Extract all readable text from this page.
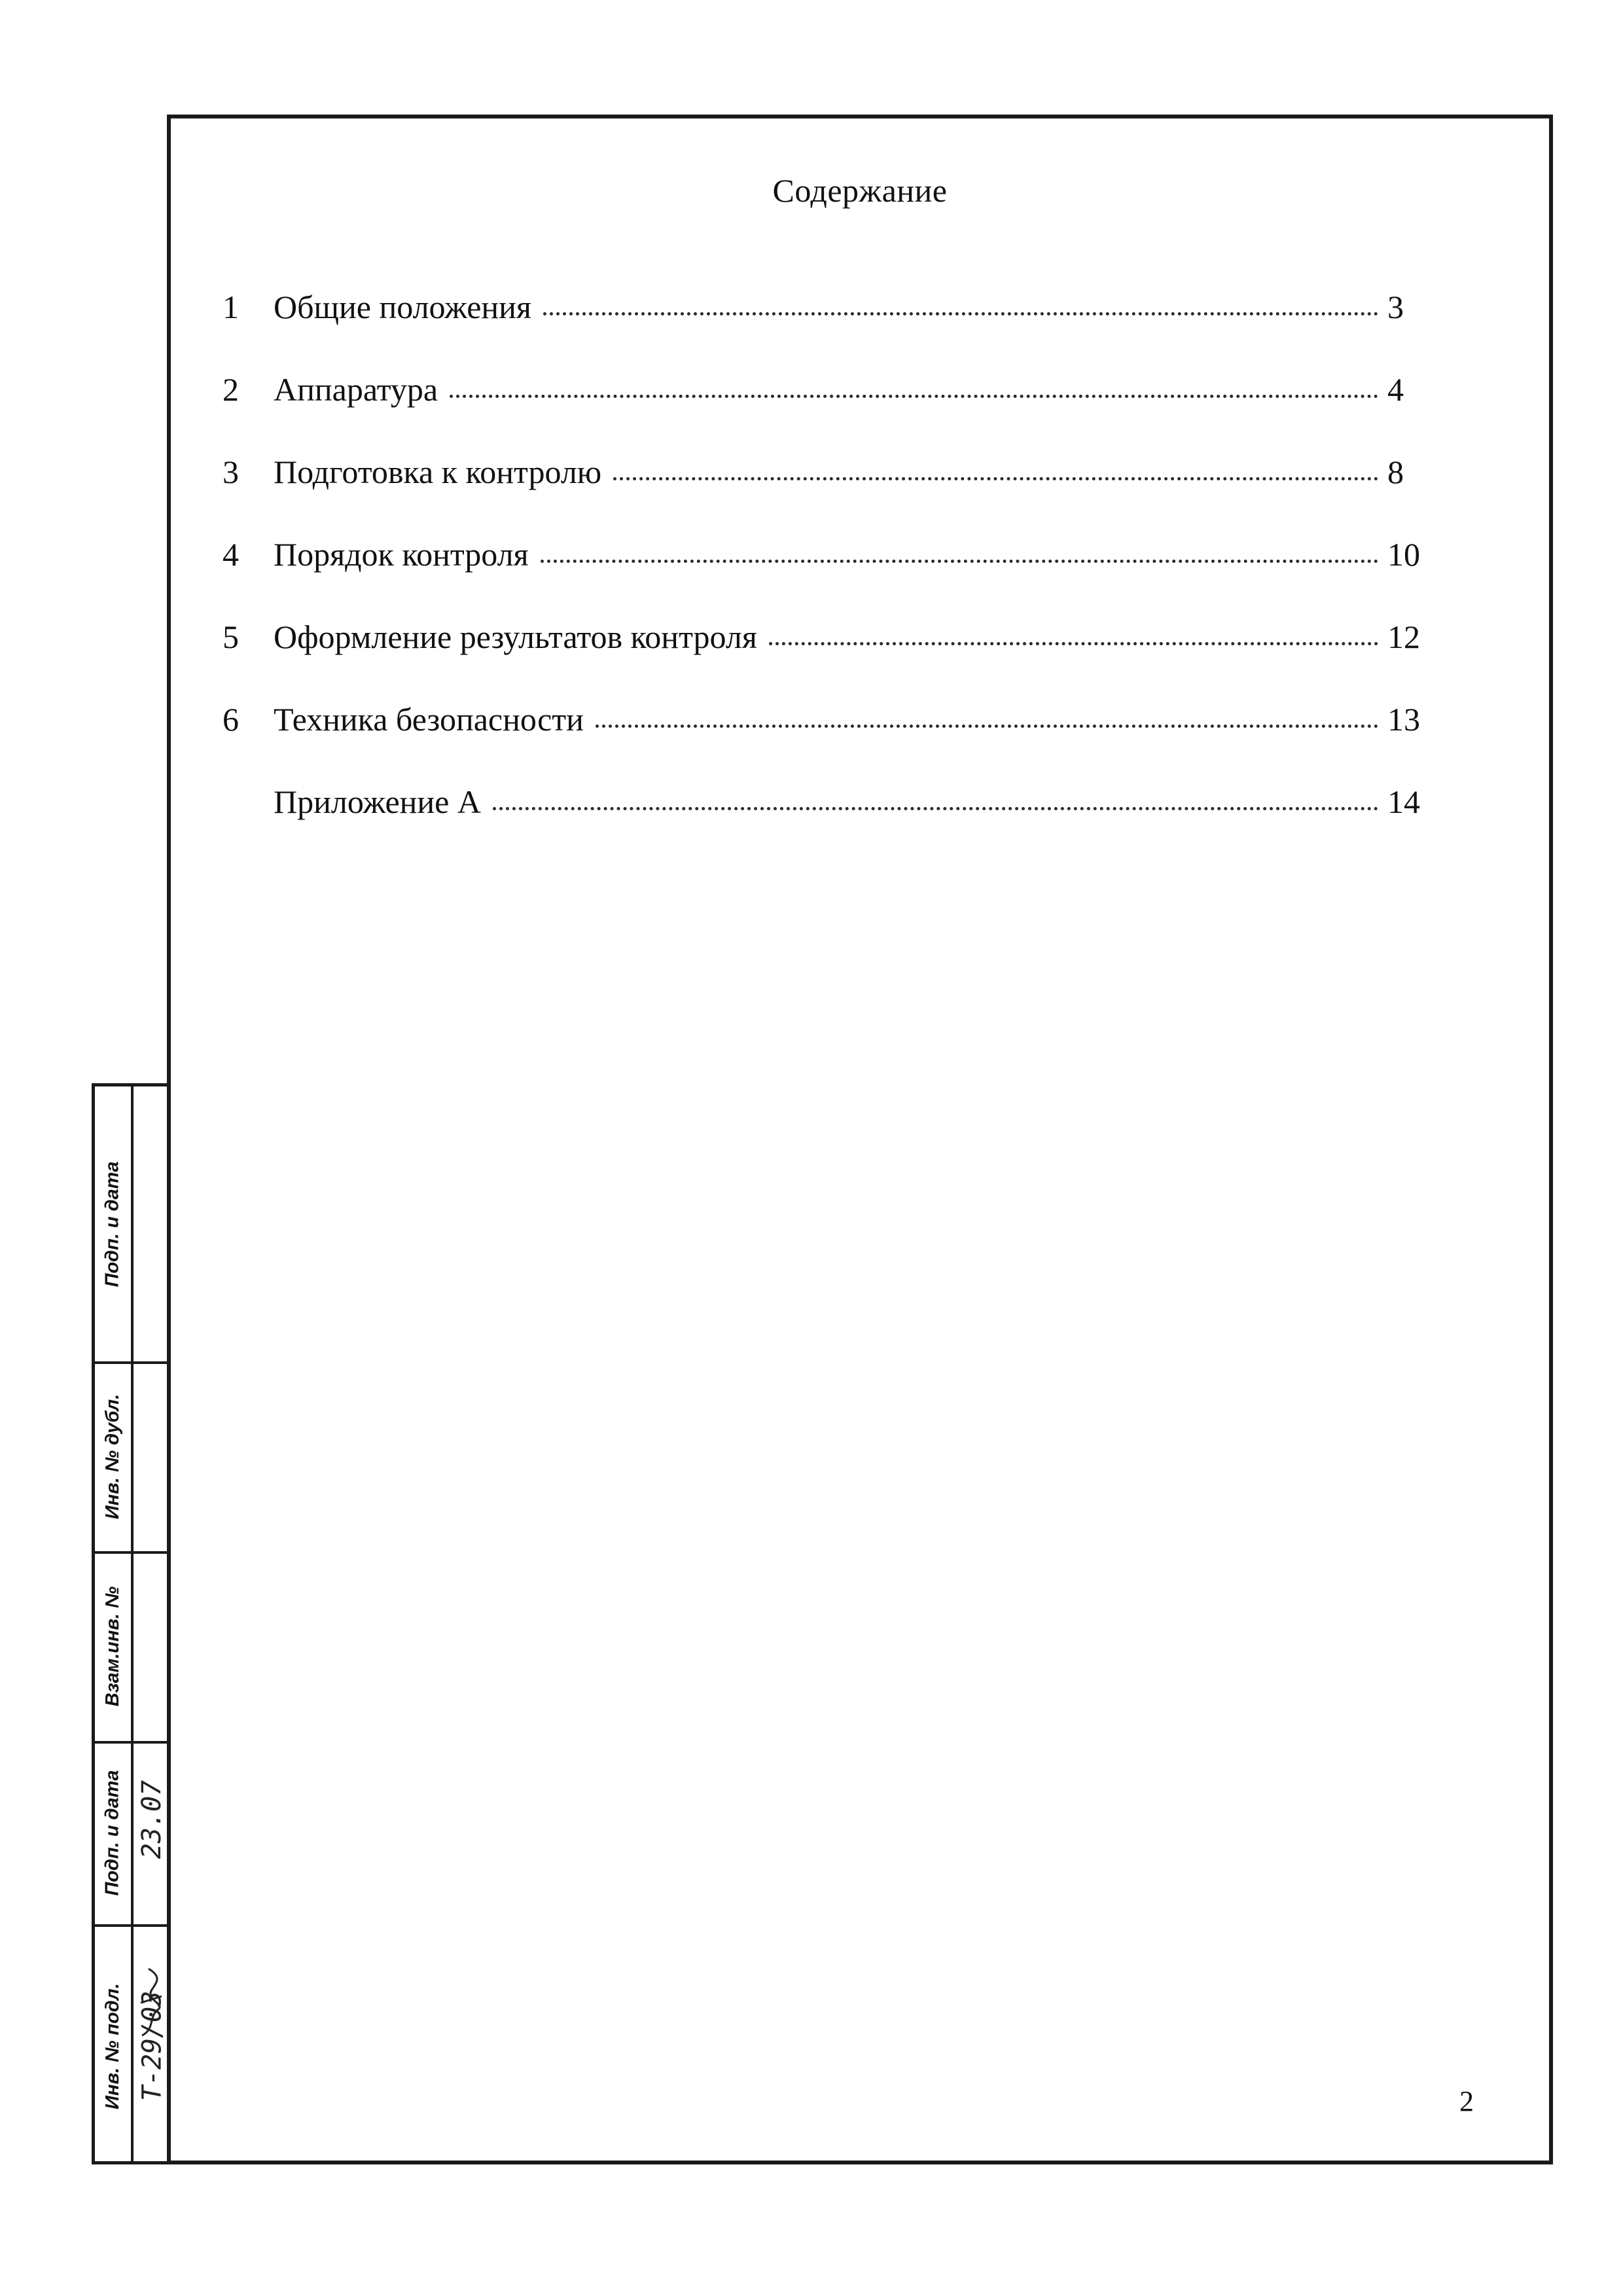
Содержание
1	Общие положения	3
2	Аппаратура	4
3	Подготовка к контролю	8
4	Порядок контроля	10
5	Оформление результатов контроля	12
6	Техника безопасности	13
Приложение А	14
2
Подп. и дата
Инв. № дубл.
Взам.инв. №
Подп. и дата
Инв. № подл.
23.07
Т-29/03
